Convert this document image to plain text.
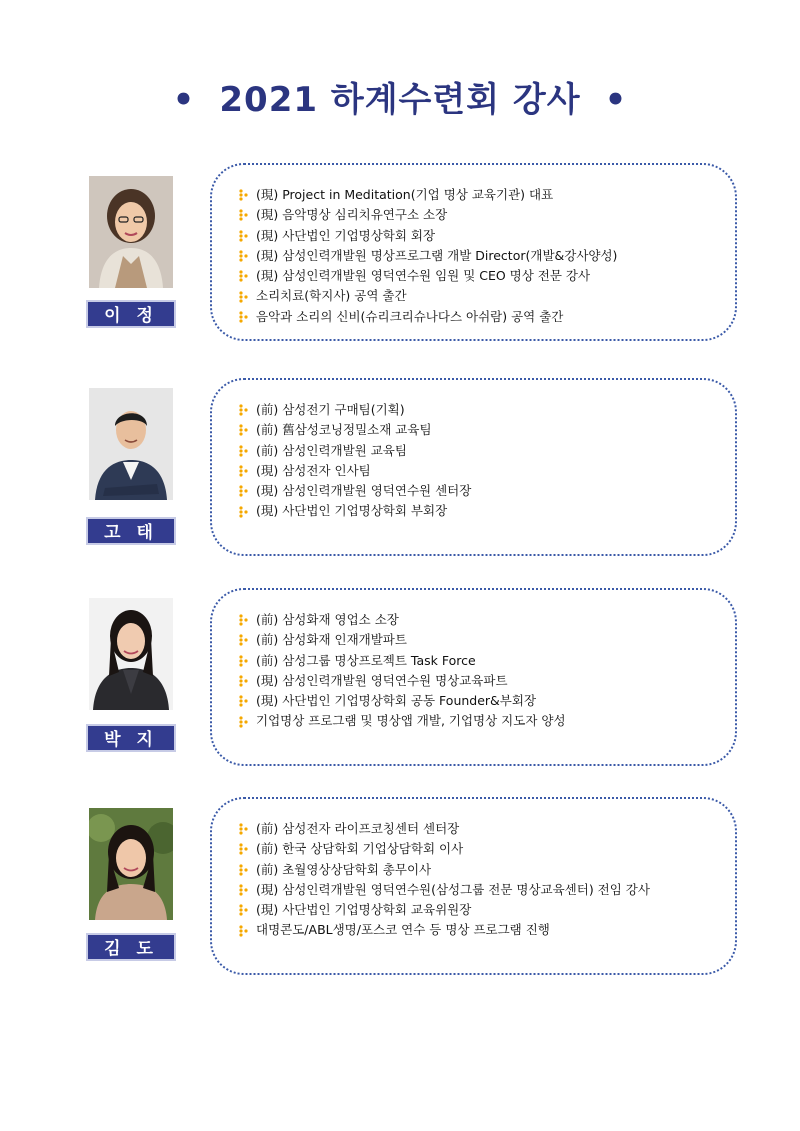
• 2021 하계수련회 강사 •
이 정 은
(現) Project in Meditation(기업 명상 교육기관) 대표
(現) 음악명상 심리치유연구소 소장
(現) 사단법인 기업명상학회 회장
(現) 삼성인력개발원 명상프로그램 개발 Director(개발&강사양성)
(現) 삼성인력개발원 영덕연수원 임원 및 CEO 명상 전문 강사
소리치료(학지사) 공역 출간
음악과 소리의 신비(슈리크리슈나다스 아쉬람) 공역 출간
고 태 환
(前) 삼성전기 구매팀(기획)
(前) 舊삼성코닝정밀소재 교육팀
(前) 삼성인력개발원 교육팀
(現) 삼성전자 인사팀
(現) 삼성인력개발원 영덕연수원 센터장
(現) 사단법인 기업명상학회 부회장
박 지 은
(前) 삼성화재 영업소 소장
(前) 삼성화재 인재개발파트
(前) 삼성그룹 명상프로젝트 Task Force
(現) 삼성인력개발원 영덕연수원 명상교육파트
(現) 사단법인 기업명상학회 공동 Founder&부회장
기업명상 프로그램 및 명상앱 개발, 기업명상 지도자 양성
김 도 연
(前) 삼성전자 라이프코칭센터 센터장
(前) 한국 상담학회 기업상담학회 이사
(前) 초월영상상담학회 총무이사
(現) 삼성인력개발원 영덕연수원(삼성그룹 전문 명상교육센터) 전임 강사
(現) 사단법인 기업명상학회 교육위원장
대명콘도/ABL생명/포스코 연수 등 명상 프로그램 진행
